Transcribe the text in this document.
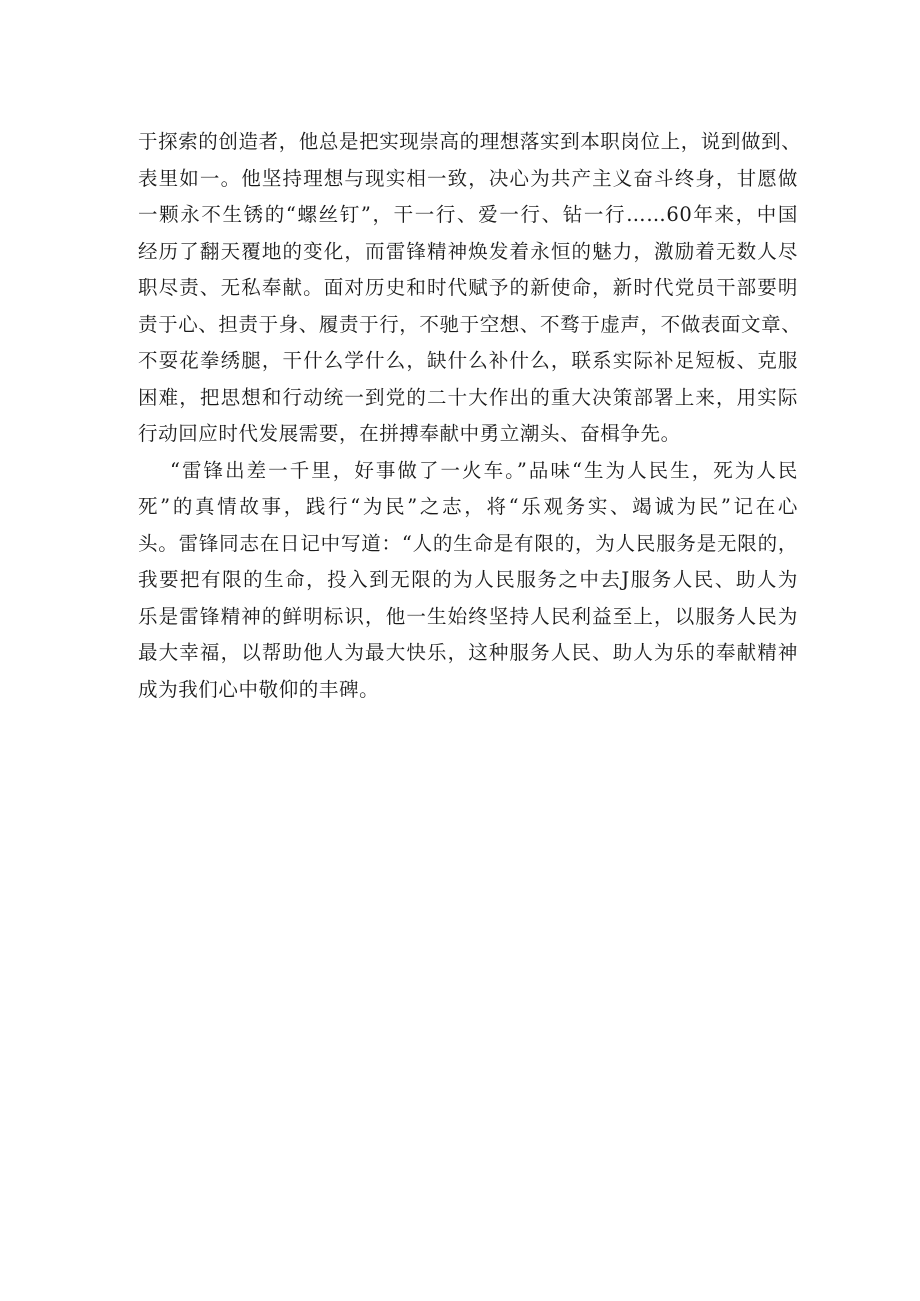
于探索的创造者，他总是把实现崇高的理想落实到本职岗位上，说到做到、
表里如一。他坚持理想与现实相一致，决心为共产主义奋斗终身，甘愿做
一颗永不生锈的“螺丝钉”，干一行、爱一行、钻一行……60年来，中国
经历了翻天覆地的变化，而雷锋精神焕发着永恒的魅力，激励着无数人尽
职尽责、无私奉献。面对历史和时代赋予的新使命，新时代党员干部要明
责于心、担责于身、履责于行，不驰于空想、不骛于虚声，不做表面文章、
不耍花拳绣腿，干什么学什么，缺什么补什么，联系实际补足短板、克服
困难，把思想和行动统一到党的二十大作出的重大决策部署上来，用实际
行动回应时代发展需要，在拼搏奉献中勇立潮头、奋楫争先。
“雷锋出差一千里，好事做了一火车。”品味“生为人民生，死为人民
死”的真情故事，践行“为民”之志，将“乐观务实、竭诚为民”记在心
头。雷锋同志在日记中写道：“人的生命是有限的，为人民服务是无限的，
我要把有限的生命，投入到无限的为人民服务之中去J服务人民、助人为
乐是雷锋精神的鲜明标识，他一生始终坚持人民利益至上，以服务人民为
最大幸福，以帮助他人为最大快乐，这种服务人民、助人为乐的奉献精神
成为我们心中敬仰的丰碑。
